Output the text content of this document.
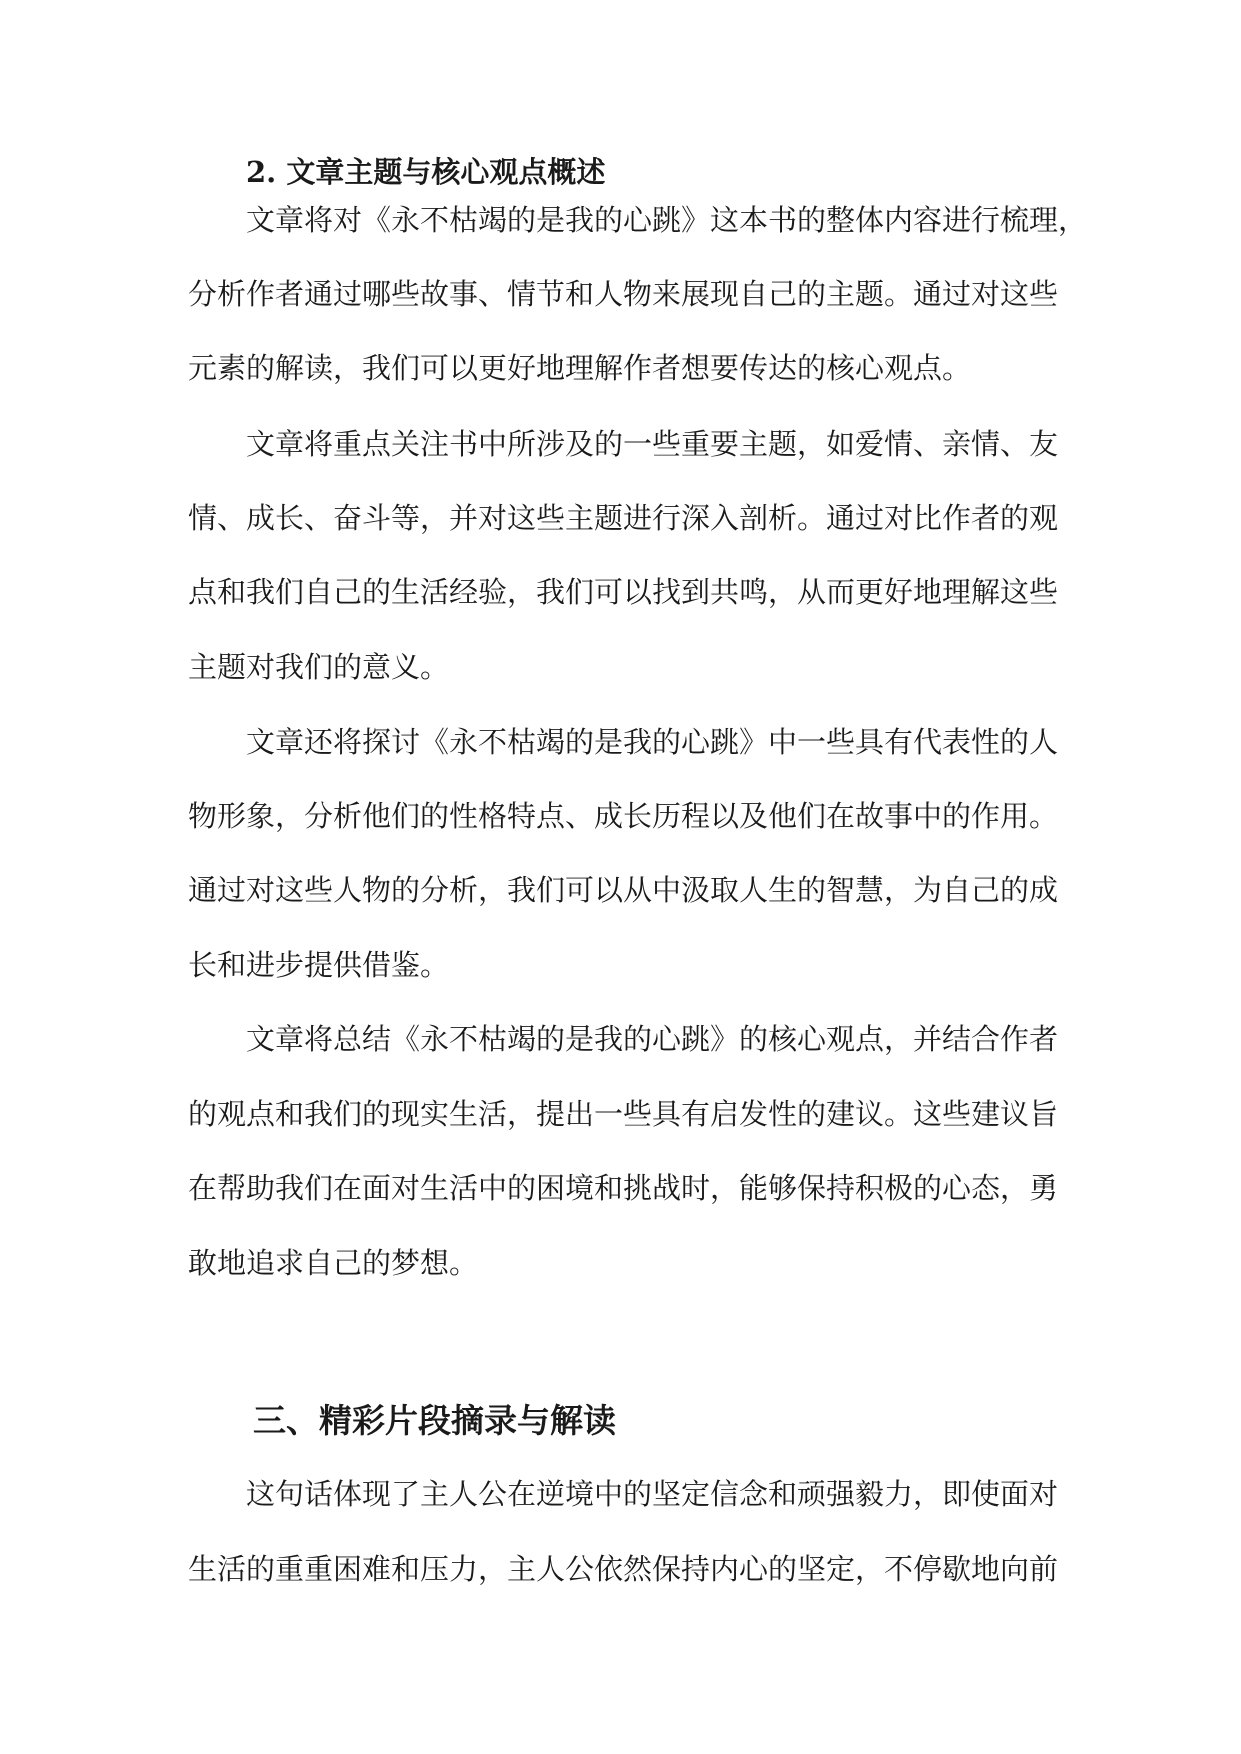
2. 文章主题与核心观点概述
文章将对《永不枯竭的是我的心跳》这本书的整体内容进行梳理，
分析作者通过哪些故事、情节和人物来展现自己的主题。通过对这些
元素的解读，我们可以更好地理解作者想要传达的核心观点。
文章将重点关注书中所涉及的一些重要主题，如爱情、亲情、友
情、成长、奋斗等，并对这些主题进行深入剖析。通过对比作者的观
点和我们自己的生活经验，我们可以找到共鸣，从而更好地理解这些
主题对我们的意义。
文章还将探讨《永不枯竭的是我的心跳》中一些具有代表性的人
物形象，分析他们的性格特点、成长历程以及他们在故事中的作用。
通过对这些人物的分析，我们可以从中汲取人生的智慧，为自己的成
长和进步提供借鉴。
文章将总结《永不枯竭的是我的心跳》的核心观点，并结合作者
的观点和我们的现实生活，提出一些具有启发性的建议。这些建议旨
在帮助我们在面对生活中的困境和挑战时，能够保持积极的心态，勇
敢地追求自己的梦想。
三、精彩片段摘录与解读
这句话体现了主人公在逆境中的坚定信念和顽强毅力，即使面对
生活的重重困难和压力，主人公依然保持内心的坚定，不停歇地向前
